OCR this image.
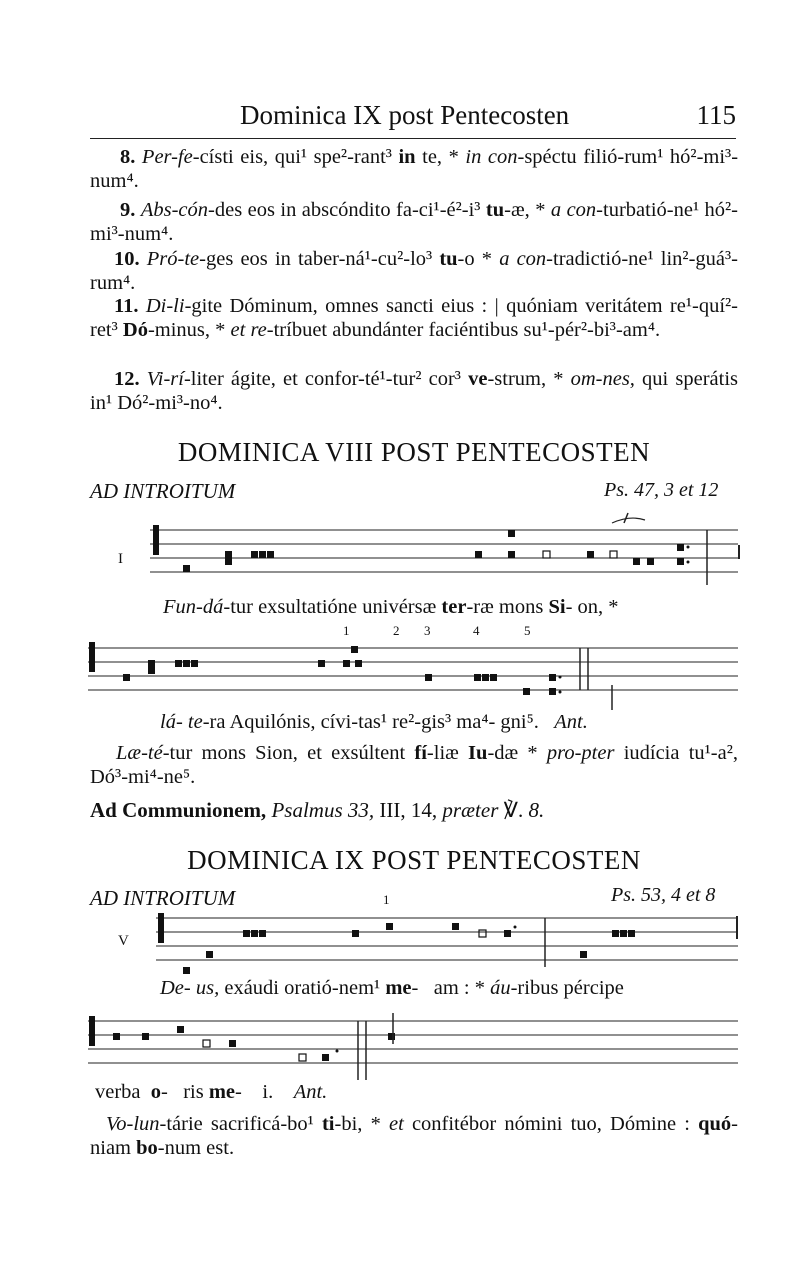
Dominica IX post Pentecosten	115
8. Per-fe-císti eis, qui¹ spe²-rant³ in te, * in con-spéctu filió-rum¹ hó²-mi³-num⁴.
9. Abs-cón-des eos in abscóndito fa-ci¹-é²-i³ tu-æ, * a con-turbatió-ne¹ hó²-mi³-num⁴.
10. Pró-te-ges eos in taber-ná¹-cu²-lo³ tu-o * a con-tradictió-ne¹ lin²-guá³-rum⁴.
11. Di-li-gite Dóminum, omnes sancti eius : | quóniam veritátem re¹-quí²-ret³ Dó-minus, * et re-tríbuet abundánter faciéntibus su¹-pér²-bi³-am⁴.
12. Vi-rí-liter ágite, et confor-té¹-tur² cor³ ve-strum, * om-nes, qui sperátis in¹ Dó²-mi³-no⁴.
DOMINICA VIII POST PENTECOSTEN
AD INTROITUM	Ps. 47, 3 et 12
I
Fun-dá-tur exsultatióne univérsæ ter-ræ mons Si- on, *
1	2 3	4	5
lá- te-ra Aquilónis, cívi-tas¹ re²-gis³ ma⁴- gni⁵.   Ant.
Læ-té-tur mons Sion, et exsúltent fí-liæ Iu-dæ * pro-pter iudícia tu¹-a², Dó³-mi⁴-ne⁵.
Ad Communionem, Psalmus 33, III, 14, præter ℣. 8.
DOMINICA IX POST PENTECOSTEN
AD INTROITUM	1	Ps. 53, 4 et 8
V
De- us, exáudi oratió-nem¹ me-   am : * áu-ribus pércipe
verba  o-   ris me-    i.    Ant.
Vo-lun-tárie sacrificá-bo¹ ti-bi, * et confitébor nómini tuo, Dómine : quó-niam bo-num est.
